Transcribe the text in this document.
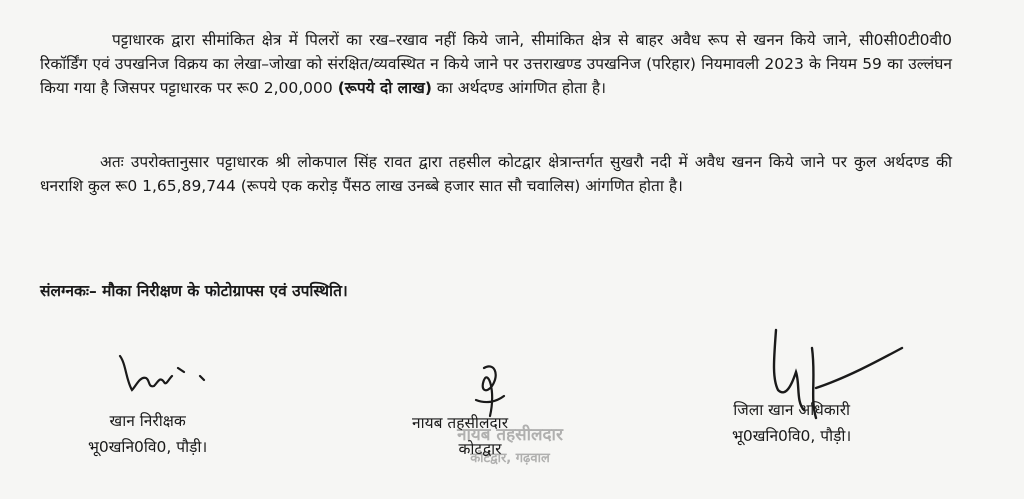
पट्टाधारक द्वारा सीमांकित क्षेत्र में पिलरों का रख–रखाव नहीं किये जाने, सीमांकित क्षेत्र से बाहर अवैध रूप से खनन किये जाने, सी0सी0टी0वी0 रिकॉर्डिंग एवं उपखनिज विक्रय का लेखा–जोखा को संरक्षित/व्यवस्थित न किये जाने पर उत्तराखण्ड उपखनिज (परिहार) नियमावली 2023 के नियम 59 का उल्लंघन किया गया है जिसपर पट्टाधारक पर रू0 2,00,000 (रूपये दो लाख) का अर्थदण्ड आंगणित होता है।

अतः उपरोक्तानुसार पट्टाधारक श्री लोकपाल सिंह रावत द्वारा तहसील कोटद्वार क्षेत्रान्तर्गत सुखरौ नदी में अवैध खनन किये जाने पर कुल अर्थदण्ड की धनराशि कुल रू0 1,65,89,744 (रूपये एक करोड़ पैंसठ लाख उनब्बे हजार सात सौ चवालिस) आंगणित होता है।

संलग्नकः– मौका निरीक्षण के फोटोग्राफ्स एवं उपस्थिति।

नायब तहसीलदार
कोटद्वार, गढ़वाल
खान निरीक्षक
भू0खनि0वि0, पौड़ी।
नायब तहसीलदार
कोटद्वार
जिला खान अधिकारी
भू0खनि0वि0, पौड़ी।
